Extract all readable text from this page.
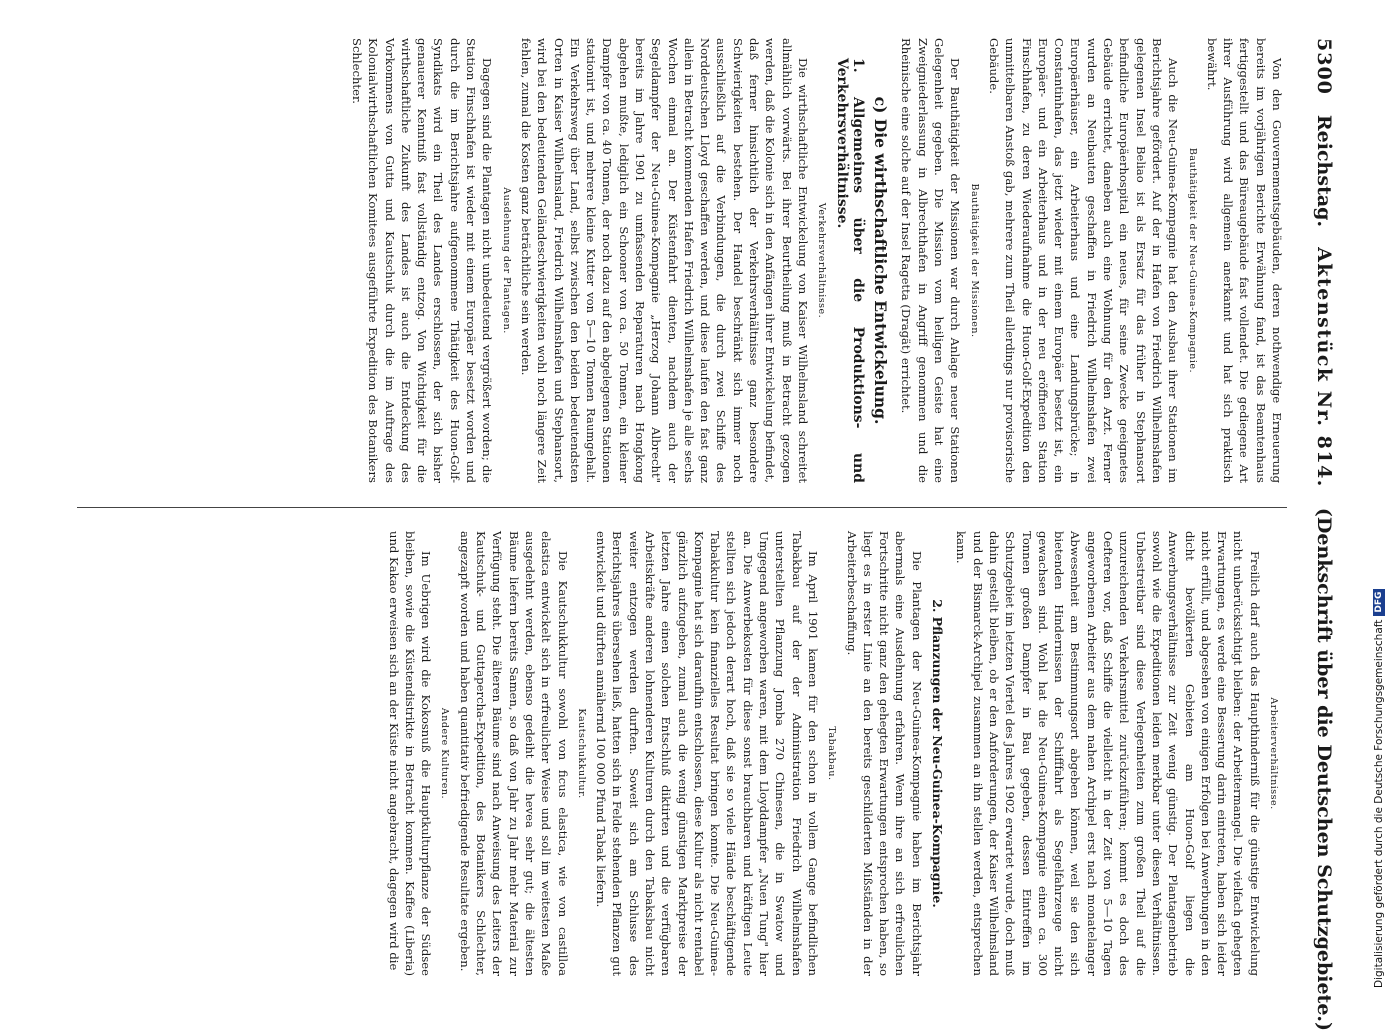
5300
Reichstag.
Aktenstück Nr. 814.
(Denkschrift über die Deutschen Schutzgebiete.)

Von den Gouvernementsgebäuden, deren nothwendige Erneuerung bereits im vorjährigen Berichte Erwähnung fand, ist das Beamtenhaus fertiggestellt und das Büreaugebäude fast vollendet. Die gediegene Art ihrer Ausführung wird allgemein anerkannt und hat sich praktisch bewährt.

Bauthätigkeit der Neu-Guinea-Kompagnie.

Auch die Neu-Guinea-Kompagnie hat den Ausbau ihrer Stationen im Berichtsjahre gefördert. Auf der in Hafen von Friedrich Wilhelmshafen gelegenen Insel Beliao ist als Ersatz für das früher in Stephansort befindliche Europäerhospital ein neues, für seine Zwecke geeignetes Gebäude errichtet, daneben auch eine Wohnung für den Arzt. Ferner wurden an Neubauten geschaffen in Friedrich Wilhelmshafen zwei Europäerhäuser, ein Arbeiterhaus und eine Landungsbrücke; in Constantinhafen, das jetzt wieder mit einem Europäer besetzt ist, ein Europäer- und ein Arbeiterhaus und in der neu eröffneten Station Finschhafen, zu deren Wiederaufnahme die Huon-Golf-Expedition den unmittelbaren Anstoß gab, mehrere zum Theil allerdings nur provisorische Gebäude.

Bauthätigkeit der Missionen.

Der Bauthätigkeit der Missionen war durch Anlage neuer Stationen Gelegenheit gegeben. Die Mission vom heiligen Geiste hat eine Zweigniederlassung in Albrechthafen in Angriff genommen und die Rheinische eine solche auf der Insel Ragetta (Dragät) errichtet.

c) Die wirthschaftliche Entwickelung.
1. Allgemeines über die Produktions- und Verkehrsverhältnisse.
Verkehrsverhältnisse.

Die wirthschaftliche Entwickelung von Kaiser Wilhelmsland schreitet allmählich vorwärts. Bei ihrer Beurtheilung muß in Betracht gezogen werden, daß die Kolonie sich in den Anfängen ihrer Entwickelung befindet, daß ferner hinsichtlich der Verkehrsverhältnisse ganz besondere Schwierigkeiten bestehen. Der Handel beschränkt sich immer noch ausschließlich auf die Verbindungen, die durch zwei Schiffe des Norddeutschen Lloyd geschaffen werden, und diese laufen den fast ganz allein in Betracht kommenden Hafen Friedrich Wilhelmshafen je alle sechs Wochen einmal an. Der Küstenfahrt dienten, nachdem auch der Segeldampfer der Neu-Guinea-Kompagnie „Herzog Johann Albrecht" bereits im Jahre 1901 zu umfassenden Reparaturen nach Hongkong abgehen mußte, lediglich ein Schooner von ca. 50 Tonnen, ein kleiner Dampfer von ca. 40 Tonnen, der noch dazu auf den abgelegenen Stationen stationirt ist, und mehrere kleine Kutter von 5—10 Tonnen Raumgehalt. Ein Verkehrsweg über Land, selbst zwischen den beiden bedeutendsten Orten in Kaiser Wilhelmsland, Friedrich Wilhelmshafen und Stephansort, wird bei den bedeutenden Geländeschwierigkeiten wohl noch längere Zeit fehlen, zumal die Kosten ganz beträchtliche sein werden.

Ausdehnung der Plantagen.

Dagegen sind die Plantagen nicht unbedeutend vergrößert worden; die Station Finschhafen ist wieder mit einem Europäer besetzt worden und durch die im Berichtsjahre aufgenommene Thätigkeit des Huon-Golf-Syndikats wird ein Theil des Landes erschlossen, der sich bisher genauerer Kenntniß fast vollständig entzog. Von Wichtigkeit für die wirthschaftliche Zukunft des Landes ist auch die Entdeckung des Vorkommens von Gutta und Kautschuk durch die im Auftrage des Kolonialwirthschaftlichen Komitees ausgeführte Expedition des Botanikers Schlechter.

Arbeiterverhältnisse.

Freilich darf auch das Haupthinderniß für die günstige Entwickelung nicht unberücksichtigt bleiben: der Arbeitermangel. Die vielfach gehegten Erwartungen, es werde eine Besserung darin eintreten, haben sich leider nicht erfüllt, und abgesehen von einigen Erfolgen bei Anwerbungen in den dicht bevölkerten Gebieten am Huon-Golf liegen die Anwerbungsverhältnisse zur Zeit wenig günstig. Der Plantagenbetrieb sowohl wie die Expeditionen leiden merkbar unter diesen Verhältnissen. Unbestreitbar sind diese Verlegenheiten zum großen Theil auf die unzureichenden Verkehrsmittel zurückzuführen; kommt es doch des Oefteren vor, daß Schiffe die vielleicht in der Zeit von 5—10 Tagen angeworbenen Arbeiter aus dem nahen Archipel erst nach monatelanger Abwesenheit am Bestimmungsort abgeben können, weil sie den sich bietenden Hindernissen der Schifffahrt als Segelfahrzeuge nicht gewachsen sind. Wohl hat die Neu-Guinea-Kompagnie einen ca. 300 Tonnen großen Dampfer in Bau gegeben, dessen Eintreffen im Schutzgebiet im letzten Viertel des Jahres 1902 erwartet wurde, doch muß dahin gestellt bleiben, ob er den Anforderungen, der Kaiser Wilhelmsland und der Bismarck-Archipel zusammen an ihn stellen werden, entsprechen kann.

2. Pflanzungen der Neu-Guinea-Kompagnie.

Die Plantagen der Neu-Guinea-Kompagnie haben im Berichtsjahr abermals eine Ausdehnung erfahren. Wenn ihre an sich erfreulichen Fortschritte nicht ganz den gehegten Erwartungen entsprochen haben, so liegt es in erster Linie an den bereits geschilderten Mißständen in der Arbeiterbeschaffung.

Tabakbau.

Im April 1901 kamen für den schon in vollem Gange befindlichen Tabakbau auf der der Administration Friedrich Wilhelmshafen unterstellten Pflanzung Jomba 270 Chinesen, die in Swatow und Umgegend angeworben waren, mit dem Lloyddampfer „Nuen Tung" hier an. Die Anwerbekosten für diese sonst brauchbaren und kräftigen Leute stellten sich jedoch derart hoch, daß sie so viele Hände beschäftigende Tabakkultur kein finanzielles Resultat bringen konnte. Die Neu-Guinea-Kompagnie hat sich daraufhin entschlossen, diese Kultur als nicht rentabel gänzlich aufzugeben, zumal auch die wenig günstigen Marktpreise der letzten Jahre einen solchen Entschluß diktirten und die verfügbaren Arbeitskräfte anderen lohnenderen Kulturen durch den Tabaksbau nicht weiter entzogen werden durften. Soweit sich am Schlusse des Berichtsjahres übersehen ließ, hatten sich in Felde stehenden Pflanzen gut entwickelt und dürften annähernd 100 000 Pfund Tabak liefern.

Kautschukkultur.

Die Kautschukkultur sowohl von ficus elastica, wie von castilloa elastica entwickelt sich in erfreulicher Weise und soll im weitesten Maße ausgedehnt werden, ebenso gedeiht die hevea sehr gut; die ältesten Bäume liefern bereits Samen, so daß von Jahr zu Jahr mehr Material zur Verfügung steht. Die älteren Bäume sind nach Anweisung des Leiters der Kautschuk- und Guttapercha-Expedition, des Botanikers Schlechter, angezapft worden und haben quantitativ befriedigende Resultate ergeben.

Andere Kulturen.

Im Uebrigen wird die Kokosnuß die Hauptkulturpflanze der Südsee bleiben, sowie die Küstendistrikte in Betracht kommen. Kaffee (Liberia) und Kakao erweisen sich an der Küste nicht angebracht, dagegen wird die	Digitalisierung gefördert durch die Deutsche Forschungsgemeinschaft
DFG
